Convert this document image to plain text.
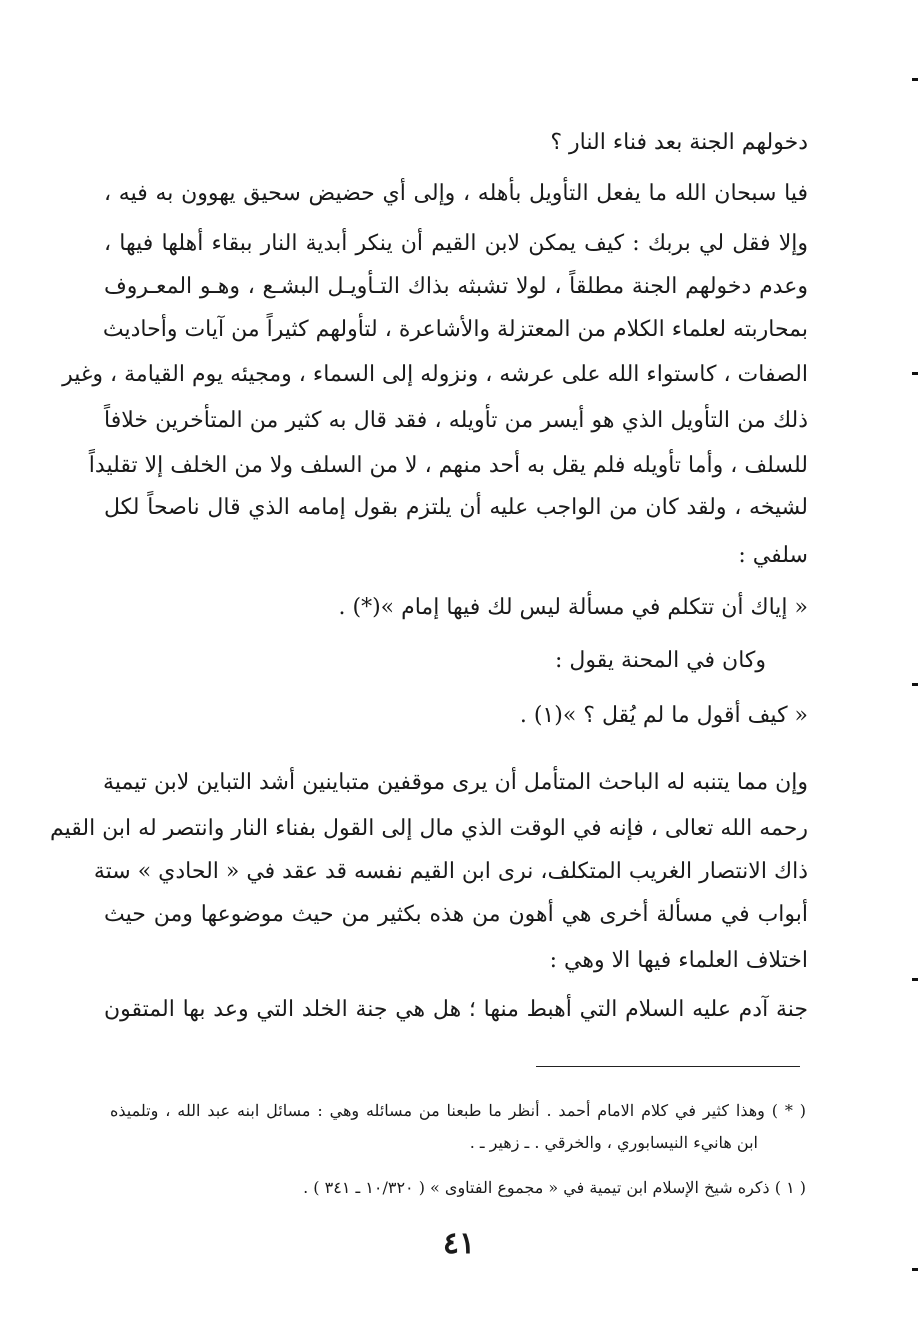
دخولهم الجنة بعد فناء النار ؟
فيا سبحان الله ما يفعل التأويل بأهله ، وإلى أي حضيض سحيق يهوون به فيه ،
وإلا فقل لي بربك : كيف يمكن لابن القيم أن ينكر أبدية النار ببقاء أهلها فيها ،
وعدم دخولهم الجنة مطلقاً ، لولا تشبثه بذاك التـأويـل البشـع ، وهـو المعـروف
بمحاربته لعلماء الكلام من المعتزلة والأشاعرة ، لتأولهم كثيراً من آيات وأحاديث
الصفات ، كاستواء الله على عرشه ، ونزوله إلى السماء ، ومجيئه يوم القيامة ، وغير
ذلك من التأويل الذي هو أيسر من تأويله ، فقد قال به كثير من المتأخرين خلافاً
للسلف ، وأما تأويله فلم يقل به أحد منهم ، لا من السلف ولا من الخلف إلا تقليداً
لشيخه ، ولقد كان من الواجب عليه أن يلتزم بقول إمامه الذي قال ناصحاً لكل
سلفي :
« إياك أن تتكلم في مسألة ليس لك فيها إمام »(*) .
وكان في المحنة يقول :
« كيف أقول ما لم يُقل ؟ »(١) .
وإن مما يتنبه له الباحث المتأمل أن يرى موقفين متباينين أشد التباين لابن تيمية
رحمه الله تعالى ، فإنه في الوقت الذي مال إلى القول بفناء النار وانتصر له ابن القيم
ذاك الانتصار الغريب المتكلف، نرى ابن القيم نفسه قد عقد في « الحادي » ستة
أبواب في مسألة أخرى هي أهون من هذه بكثير من حيث موضوعها ومن حيث
اختلاف العلماء فيها الا وهي :
جنة آدم عليه السلام التي أهبط منها ؛ هل هي جنة الخلد التي وعد بها المتقون
( * ) وهذا كثير في كلام الامام أحمد . أنظر ما طبعنا من مسائله وهي : مسائل ابنه عبد الله ، وتلميذه
ابن هانيء النيسابوري ، والخرقي . ـ زهير ـ .
( ١ ) ذكره شيخ الإسلام ابن تيمية في « مجموع الفتاوى » ( ١٠/٣٢٠ ـ ٣٤١ ) .
٤١
